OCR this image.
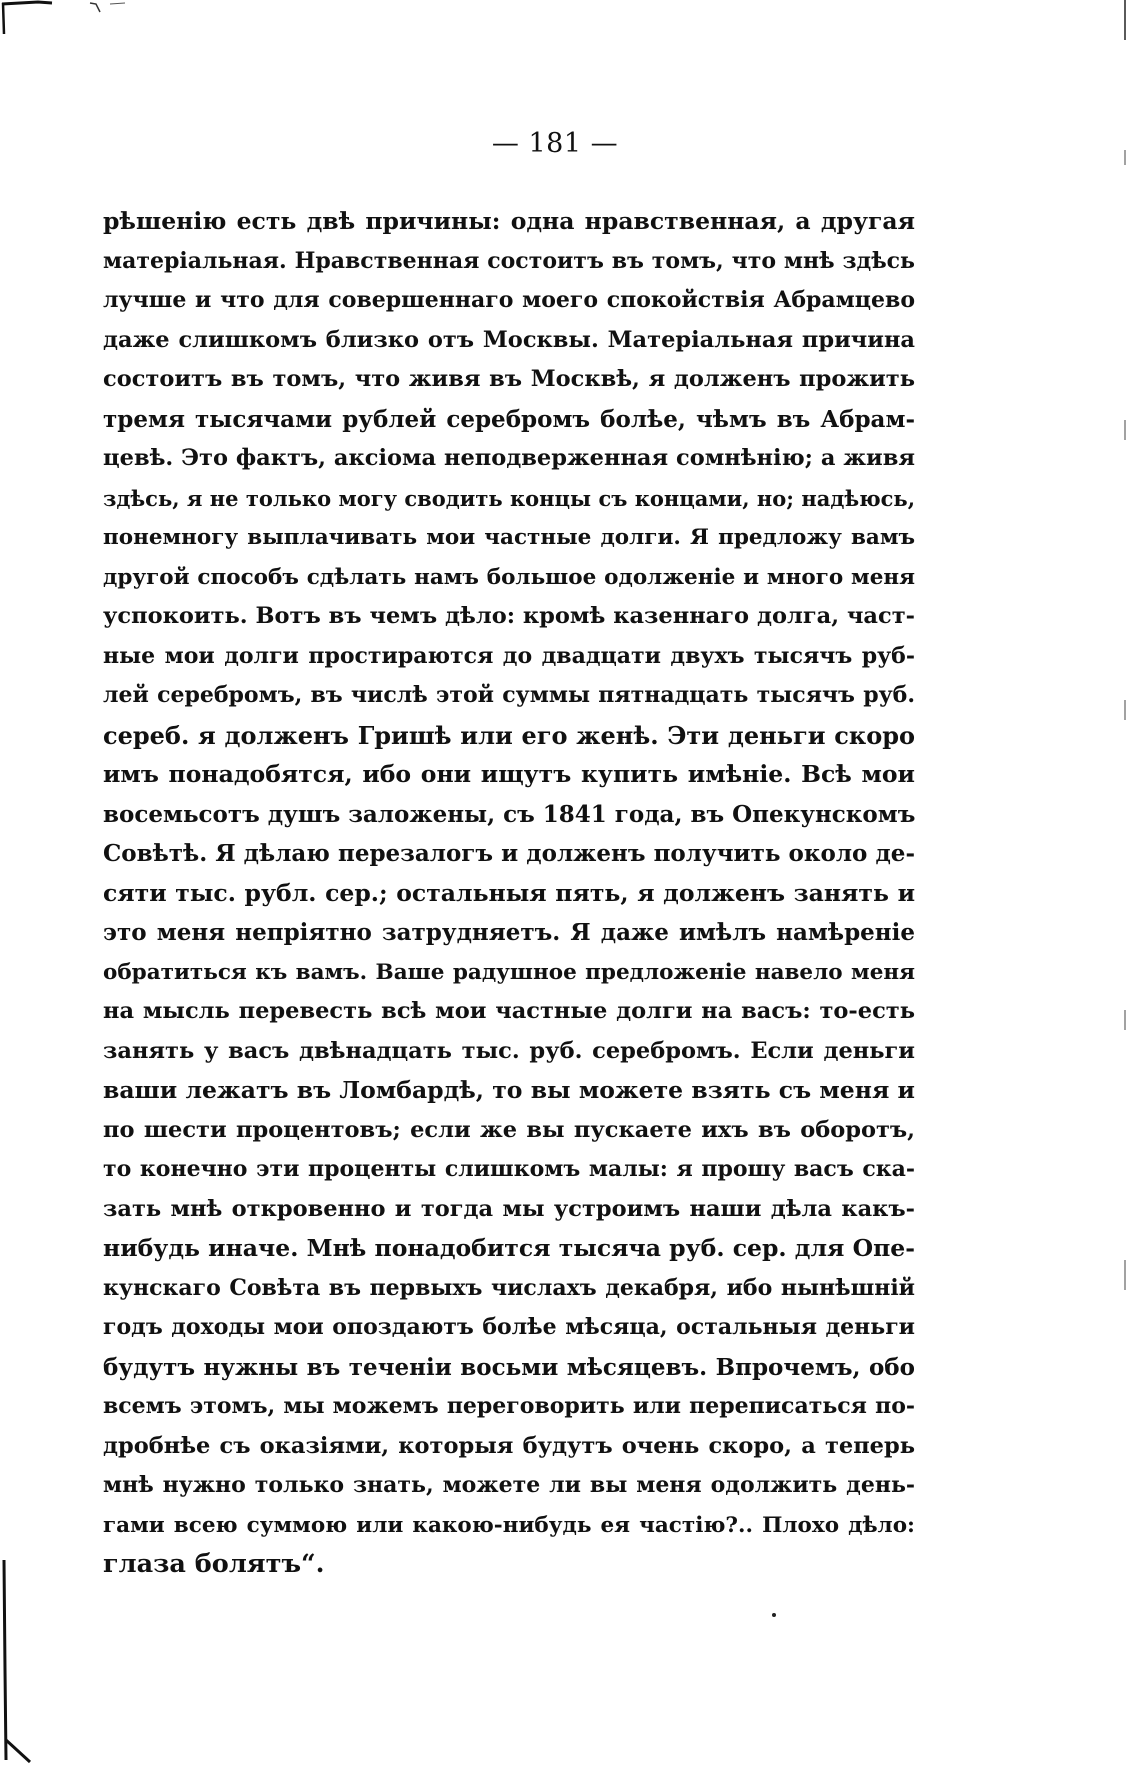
— 181 —
рѣшенію есть двѣ причины: одна нравственная, а другая
матеріальная. Нравственная состоитъ въ томъ, что мнѣ здѣсь
лучше и что для совершеннаго моего спокойствія Абрамцево
даже слишкомъ близко отъ Москвы. Матеріальная причина
состоитъ въ томъ, что живя въ Москвѣ, я долженъ прожить
тремя тысячами рублей серебромъ болѣе, чѣмъ въ Абрам-
цевѣ. Это фактъ, аксіома неподверженная сомнѣнію; а живя
здѣсь, я не только могу сводить концы съ концами, но; надѣюсь,
понемногу выплачивать мои частные долги. Я предложу вамъ
другой способъ сдѣлать намъ большое одолженіе и много меня
успокоить. Вотъ въ чемъ дѣло: кромѣ казеннаго долга, част-
ные мои долги простираются до двадцати двухъ тысячъ руб-
лей серебромъ, въ числѣ этой суммы пятнадцать тысячъ руб.
сереб. я долженъ Гришѣ или его женѣ. Эти деньги скоро
имъ понадобятся, ибо они ищутъ купить имѣніе. Всѣ мои
восемьсотъ душъ заложены, съ 1841 года, въ Опекунскомъ
Совѣтѣ. Я дѣлаю перезалогъ и долженъ получить около де-
сяти тыс. рубл. сер.; остальныя пять, я долженъ занять и
это меня непріятно затрудняетъ. Я даже имѣлъ намѣреніе
обратиться къ вамъ. Ваше радушное предложеніе навело меня
на мысль перевесть всѣ мои частные долги на васъ: то-есть
занять у васъ двѣнадцать тыс. руб. серебромъ. Если деньги
ваши лежатъ въ Ломбардѣ, то вы можете взять съ меня и
по шести процентовъ; если же вы пускаете ихъ въ оборотъ,
то конечно эти проценты слишкомъ малы: я прошу васъ ска-
зать мнѣ откровенно и тогда мы устроимъ наши дѣла какъ-
нибудь иначе. Мнѣ понадобится тысяча руб. сер. для Опе-
кунскаго Совѣта въ первыхъ числахъ декабря, ибо нынѣшній
годъ доходы мои опоздаютъ болѣе мѣсяца, остальныя деньги
будутъ нужны въ теченіи восьми мѣсяцевъ. Впрочемъ, обо
всемъ этомъ, мы можемъ переговорить или переписаться по-
дробнѣе съ оказіями, которыя будутъ очень скоро, а теперь
мнѣ нужно только знать, можете ли вы меня одолжить день-
гами всею суммою или какою-нибудь ея частію?.. Плохо дѣло:
глаза болятъ“.
